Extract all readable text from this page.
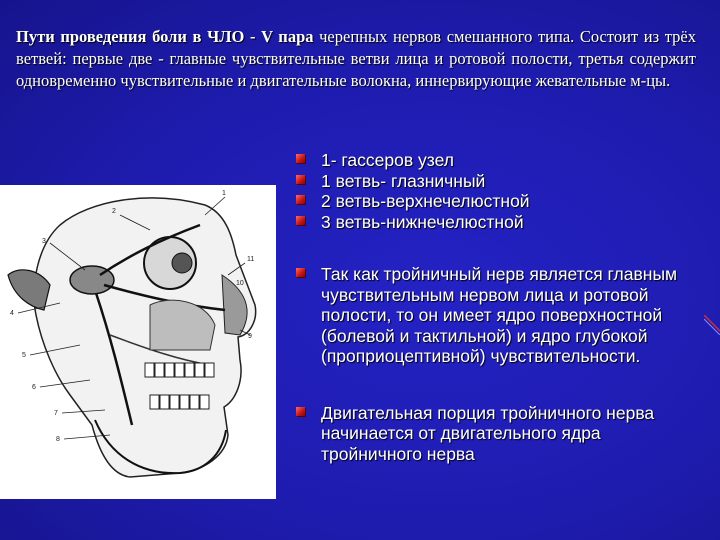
Пути проведения боли в ЧЛО - V пара черепных нервов смешанного типа. Состоит из трёх ветвей: первые две - главные чувствительные ветви лица и ротовой полости, третья содержит одновременно чувствительные и двигательные волокна, иннервирующие жевательные м-цы.

1
2
3
4
5
6
7
8
9
10
11
1- гассеров узел
1 ветвь- глазничный
2 ветвь-верхнечелюстной
3 ветвь-нижнечелюстной
Так как тройничный нерв является главным чувствительным нервом лица и ротовой полости, то он имеет ядро поверхностной (болевой и тактильной) и ядро глубокой (проприоцептивной) чувствительности.
Двигательная порция тройничного нерва начинается от двигательного ядра тройничного нерва
